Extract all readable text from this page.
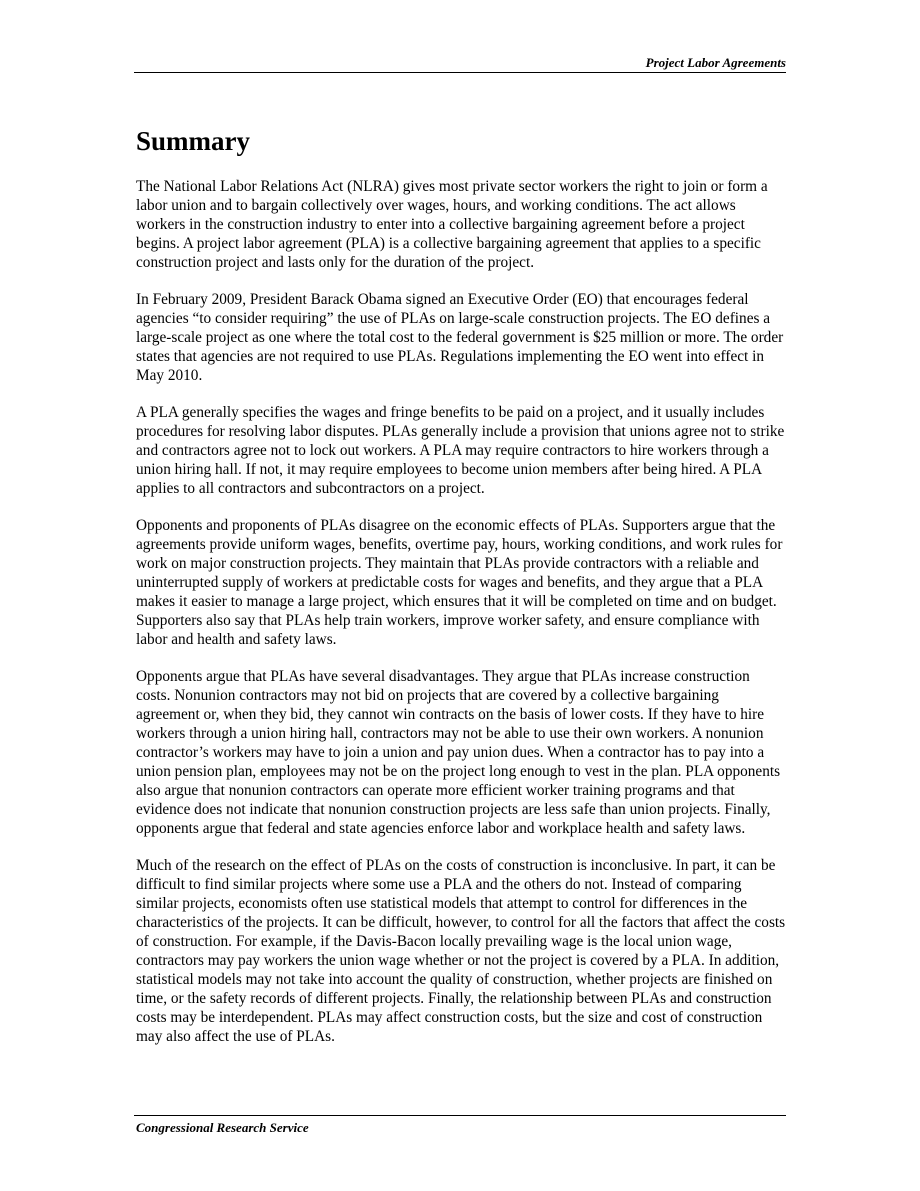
Project Labor Agreements
Summary

The National Labor Relations Act (NLRA) gives most private sector workers the right to join or form a labor union and to bargain collectively over wages, hours, and working conditions. The act allows workers in the construction industry to enter into a collective bargaining agreement before a project begins. A project labor agreement (PLA) is a collective bargaining agreement that applies to a specific construction project and lasts only for the duration of the project.

In February 2009, President Barack Obama signed an Executive Order (EO) that encourages federal agencies “to consider requiring” the use of PLAs on large-scale construction projects. The EO defines a large-scale project as one where the total cost to the federal government is $25 million or more. The order states that agencies are not required to use PLAs. Regulations implementing the EO went into effect in May 2010.

A PLA generally specifies the wages and fringe benefits to be paid on a project, and it usually includes procedures for resolving labor disputes. PLAs generally include a provision that unions agree not to strike and contractors agree not to lock out workers. A PLA may require contractors to hire workers through a union hiring hall. If not, it may require employees to become union members after being hired. A PLA applies to all contractors and subcontractors on a project.

Opponents and proponents of PLAs disagree on the economic effects of PLAs. Supporters argue that the agreements provide uniform wages, benefits, overtime pay, hours, working conditions, and work rules for work on major construction projects. They maintain that PLAs provide contractors with a reliable and uninterrupted supply of workers at predictable costs for wages and benefits, and they argue that a PLA makes it easier to manage a large project, which ensures that it will be completed on time and on budget. Supporters also say that PLAs help train workers, improve worker safety, and ensure compliance with labor and health and safety laws.

Opponents argue that PLAs have several disadvantages. They argue that PLAs increase construction costs. Nonunion contractors may not bid on projects that are covered by a collective bargaining agreement or, when they bid, they cannot win contracts on the basis of lower costs. If they have to hire workers through a union hiring hall, contractors may not be able to use their own workers. A nonunion contractor’s workers may have to join a union and pay union dues. When a contractor has to pay into a union pension plan, employees may not be on the project long enough to vest in the plan. PLA opponents also argue that nonunion contractors can operate more efficient worker training programs and that evidence does not indicate that nonunion construction projects are less safe than union projects. Finally, opponents argue that federal and state agencies enforce labor and workplace health and safety laws.

Much of the research on the effect of PLAs on the costs of construction is inconclusive. In part, it can be difficult to find similar projects where some use a PLA and the others do not. Instead of comparing similar projects, economists often use statistical models that attempt to control for differences in the characteristics of the projects. It can be difficult, however, to control for all the factors that affect the costs of construction. For example, if the Davis-Bacon locally prevailing wage is the local union wage, contractors may pay workers the union wage whether or not the project is covered by a PLA. In addition, statistical models may not take into account the quality of construction, whether projects are finished on time, or the safety records of different projects. Finally, the relationship between PLAs and construction costs may be interdependent. PLAs may affect construction costs, but the size and cost of construction may also affect the use of PLAs.

Congressional Research Service
